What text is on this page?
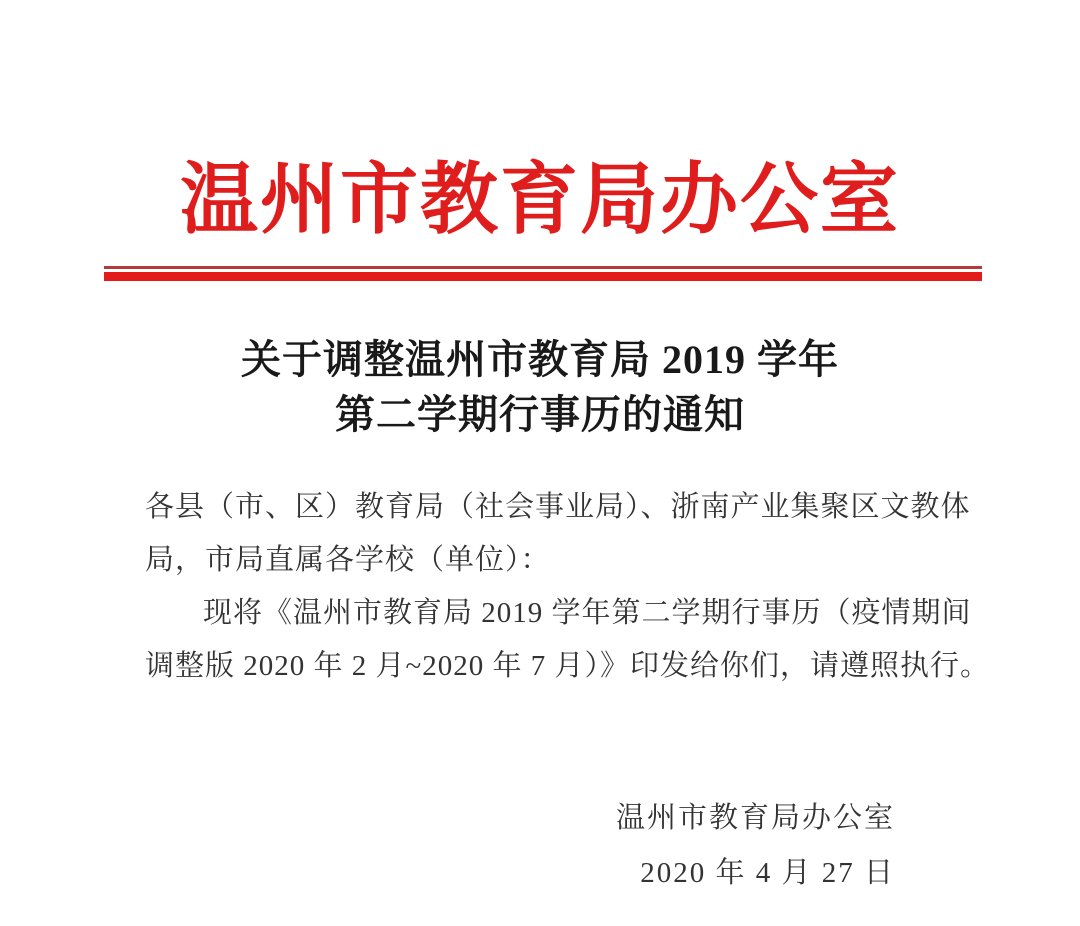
温州市教育局办公室
关于调整温州市教育局 2019 学年
第二学期行事历的通知
各县（市、区）教育局（社会事业局）、浙南产业集聚区文教体
局，市局直属各学校（单位）：
现将《温州市教育局 2019 学年第二学期行事历（疫情期间
调整版 2020 年 2 月~2020 年 7 月）》印发给你们，请遵照执行。
温州市教育局办公室
2020 年 4 月 27 日
